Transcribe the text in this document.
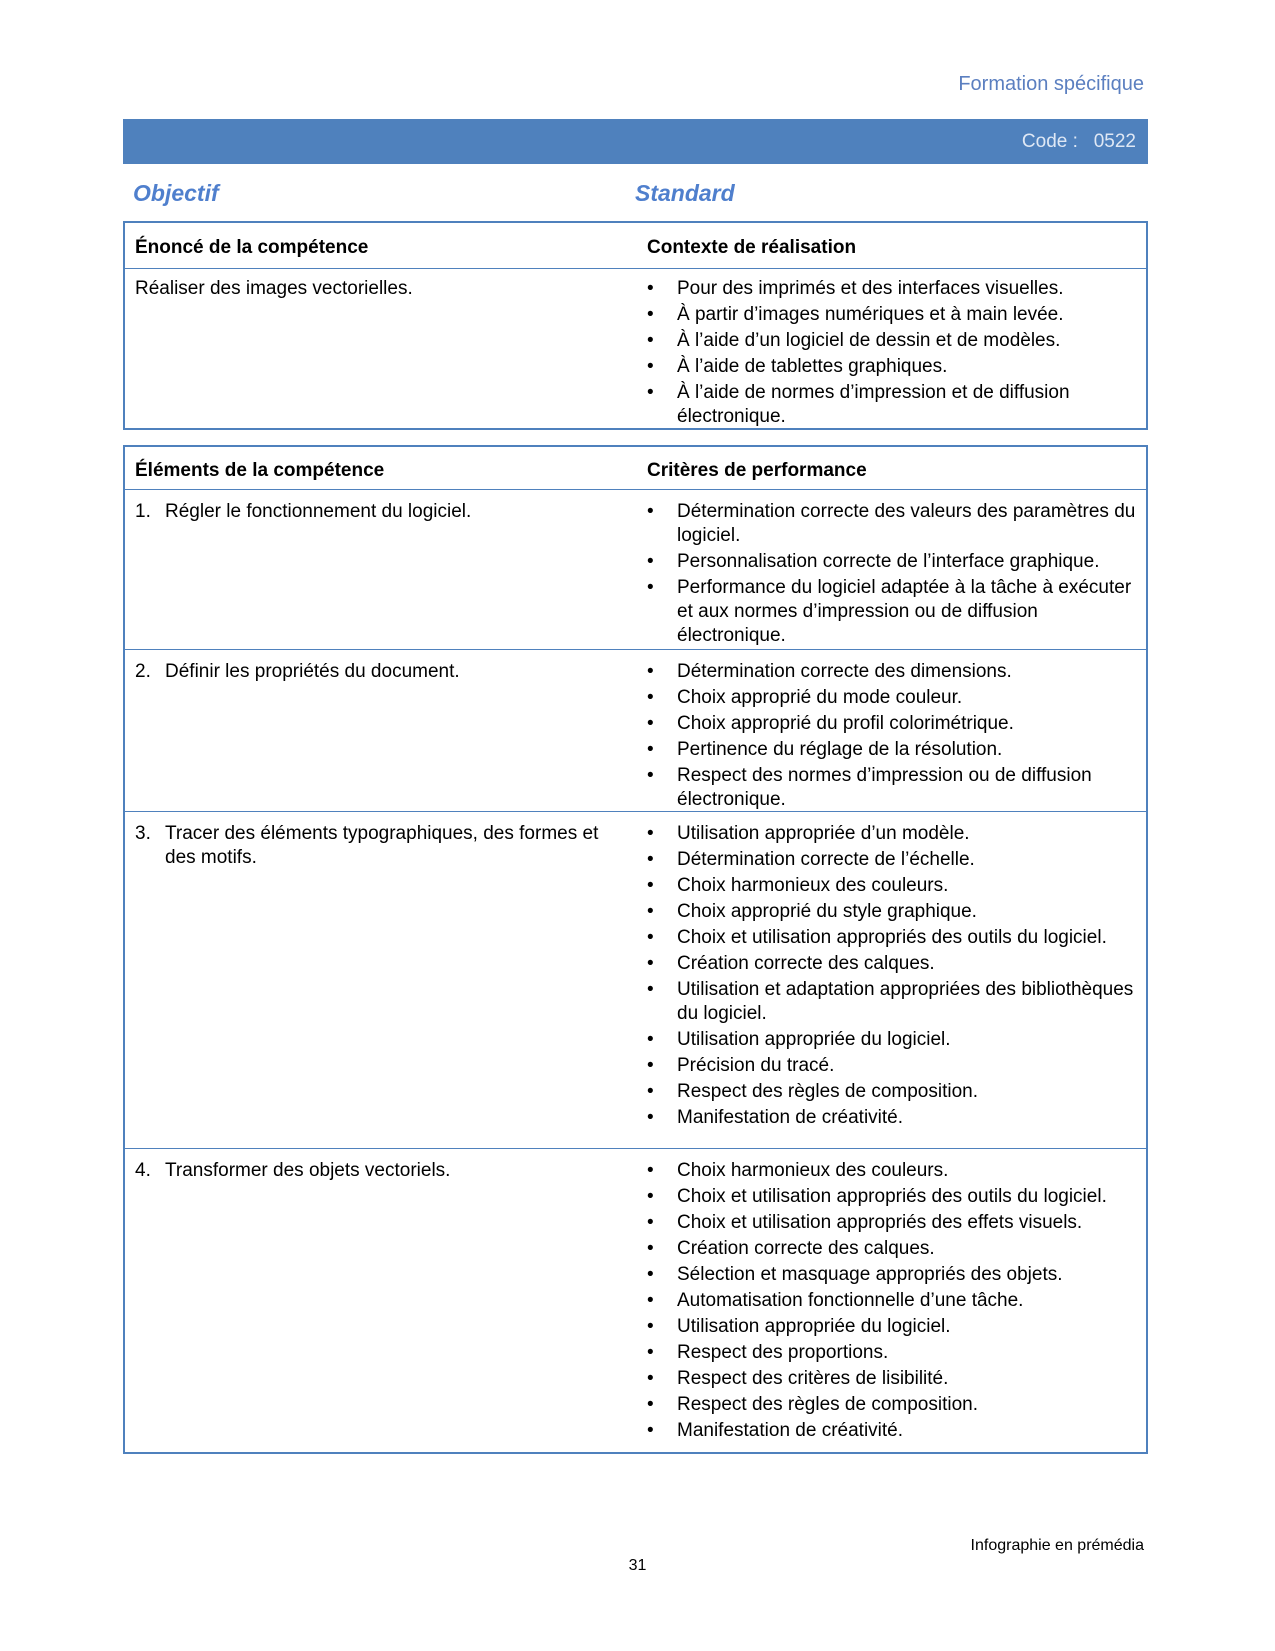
Formation spécifique
Code :   0522
Objectif	Standard
Énoncé de la compétence	Contexte de réalisation
Réaliser des images vectorielles.	• Pour des imprimés et des interfaces visuelles.
• À partir d’images numériques et à main levée.
• À l’aide d’un logiciel de dessin et de modèles.
• À l’aide de tablettes graphiques.
• À l’aide de normes d’impression et de diffusion électronique.
Éléments de la compétence	Critères de performance
1. Régler le fonctionnement du logiciel.	• Détermination correcte des valeurs des paramètres du logiciel.
• Personnalisation correcte de l’interface graphique.
• Performance du logiciel adaptée à la tâche à exécuter et aux normes d’impression ou de diffusion électronique.
2. Définir les propriétés du document.	• Détermination correcte des dimensions.
• Choix approprié du mode couleur.
• Choix approprié du profil colorimétrique.
• Pertinence du réglage de la résolution.
• Respect des normes d’impression ou de diffusion électronique.
3. Tracer des éléments typographiques, des formes et des motifs.
• Utilisation appropriée d’un modèle.
• Détermination correcte de l’échelle.
• Choix harmonieux des couleurs.
• Choix approprié du style graphique.
• Choix et utilisation appropriés des outils du logiciel.
• Création correcte des calques.
• Utilisation et adaptation appropriées des bibliothèques du logiciel.
• Utilisation appropriée du logiciel.
• Précision du tracé.
• Respect des règles de composition.
• Manifestation de créativité.
4. Transformer des objets vectoriels.	• Choix harmonieux des couleurs.
• Choix et utilisation appropriés des outils du logiciel.
• Choix et utilisation appropriés des effets visuels.
• Création correcte des calques.
• Sélection et masquage appropriés des objets.
• Automatisation fonctionnelle d’une tâche.
• Utilisation appropriée du logiciel.
• Respect des proportions.
• Respect des critères de lisibilité.
• Respect des règles de composition.
• Manifestation de créativité.
Infographie en prémédia
31
